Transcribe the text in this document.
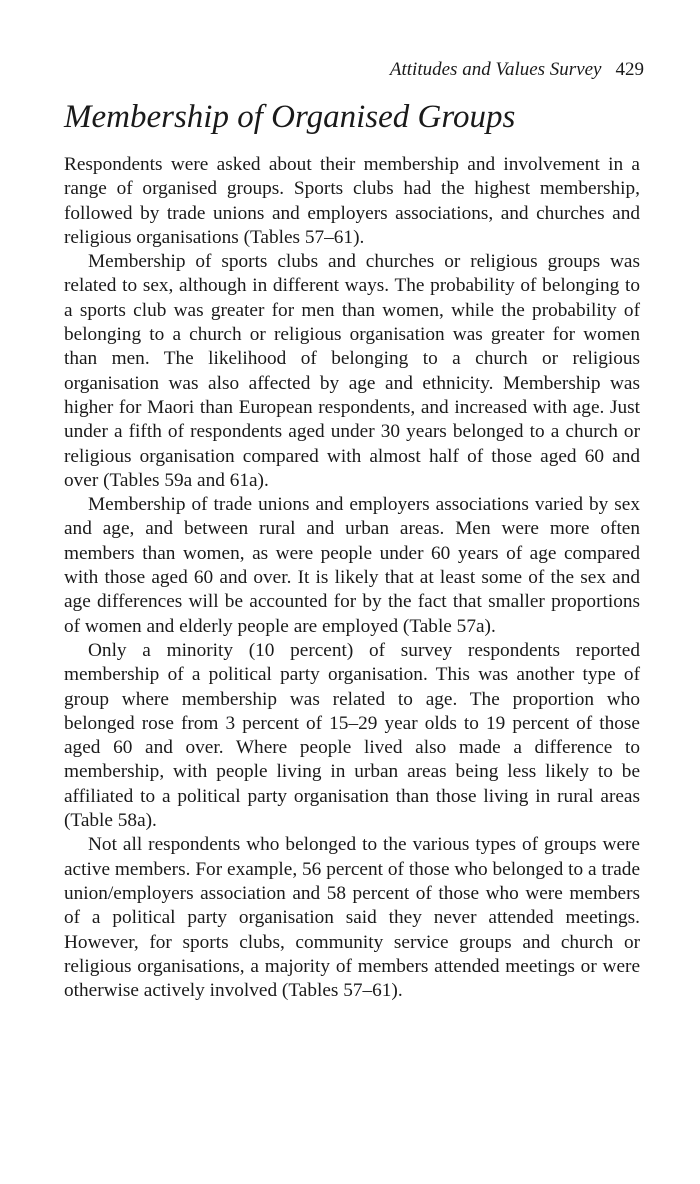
Attitudes and Values Survey 429
Membership of Organised Groups

Respondents were asked about their membership and involvement in a range of organised groups. Sports clubs had the highest membership, followed by trade unions and employers associations, and churches and religious organisations (Tables 57–61).

Membership of sports clubs and churches or religious groups was related to sex, although in different ways. The probability of belonging to a sports club was greater for men than women, while the probability of belonging to a church or religious organisation was greater for women than men. The likelihood of belonging to a church or religious organisation was also affected by age and ethnicity. Membership was higher for Maori than European respondents, and increased with age. Just under a fifth of respondents aged under 30 years belonged to a church or religious organisation compared with almost half of those aged 60 and over (Tables 59a and 61a).

Membership of trade unions and employers associations varied by sex and age, and between rural and urban areas. Men were more often members than women, as were people under 60 years of age compared with those aged 60 and over. It is likely that at least some of the sex and age differences will be accounted for by the fact that smaller proportions of women and elderly people are employed (Table 57a).

Only a minority (10 percent) of survey respondents reported membership of a political party organisation. This was another type of group where membership was related to age. The proportion who belonged rose from 3 percent of 15–29 year olds to 19 percent of those aged 60 and over. Where people lived also made a difference to membership, with people living in urban areas being less likely to be affiliated to a political party organisation than those living in rural areas (Table 58a).

Not all respondents who belonged to the various types of groups were active members. For example, 56 percent of those who belonged to a trade union/employers association and 58 percent of those who were members of a political party organisation said they never attended meetings. However, for sports clubs, community service groups and church or religious organisations, a majority of members attended meetings or were otherwise actively involved (Tables 57–61).
